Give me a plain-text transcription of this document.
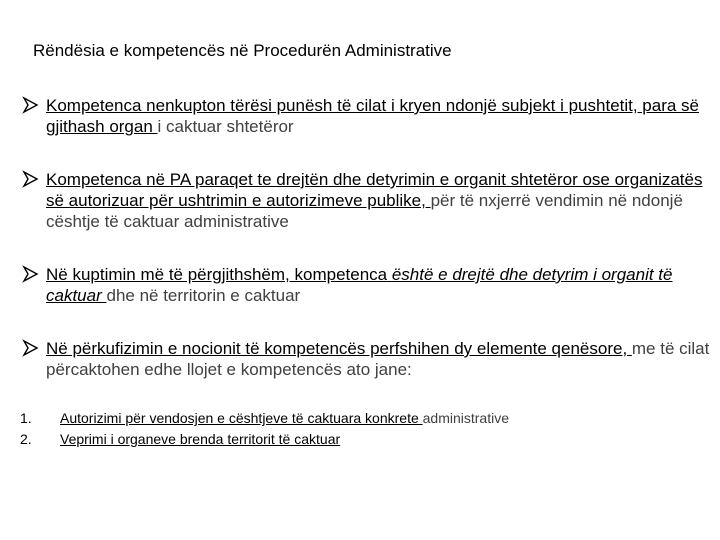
Rëndësia e kompetencës në Procedurën Administrative
Kompetenca nenkupton tërësi punësh të cilat i kryen ndonjë subjekt i pushtetit, para së gjithash organ i caktuar shtetëror
Kompetenca në PA paraqet te drejtën dhe detyrimin e organit shtetëror ose organizatës së autorizuar për ushtrimin e autorizimeve publike, për të nxjerrë vendimin në ndonjë cështje të caktuar administrative
Në kuptimin më të përgjithshëm, kompetenca është e drejtë dhe detyrim i organit të caktuar dhe në territorin e caktuar
Në përkufizimin e nocionit të kompetencës perfshihen dy elemente qenësore, me të cilat përcaktohen edhe llojet e kompetencës ato jane:
1. Autorizimi për vendosjen e cështjeve të caktuara konkrete administrative
2. Veprimi i organeve brenda territorit të caktuar
